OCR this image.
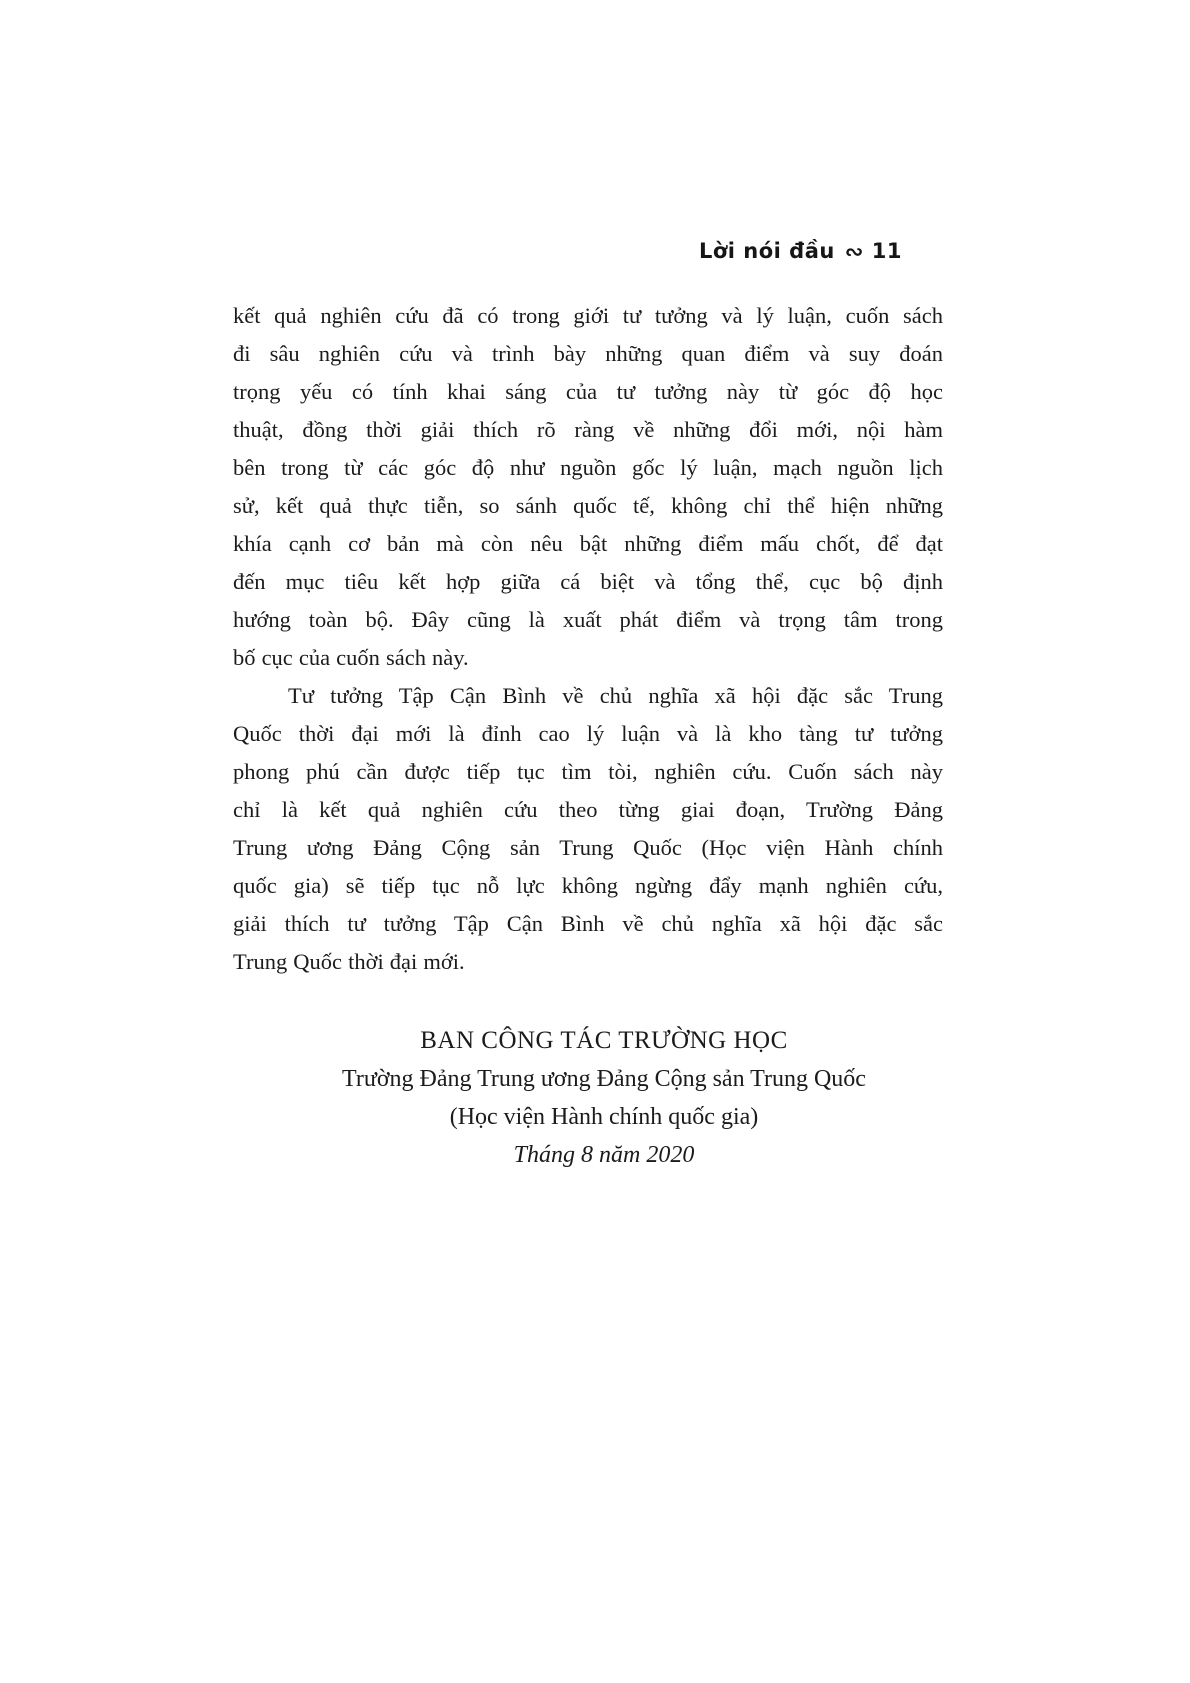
Lời nói đầu ∾ 11
kết quả nghiên cứu đã có trong giới tư tưởng và lý luận, cuốn sách
đi sâu nghiên cứu và trình bày những quan điểm và suy đoán
trọng yếu có tính khai sáng của tư tưởng này từ góc độ học
thuật, đồng thời giải thích rõ ràng về những đổi mới, nội hàm
bên trong từ các góc độ như nguồn gốc lý luận, mạch nguồn lịch
sử, kết quả thực tiễn, so sánh quốc tế, không chỉ thể hiện những
khía cạnh cơ bản mà còn nêu bật những điểm mấu chốt, để đạt
đến mục tiêu kết hợp giữa cá biệt và tổng thể, cục bộ định
hướng toàn bộ. Đây cũng là xuất phát điểm và trọng tâm trong
bố cục của cuốn sách này.
Tư tưởng Tập Cận Bình về chủ nghĩa xã hội đặc sắc Trung
Quốc thời đại mới là đỉnh cao lý luận và là kho tàng tư tưởng
phong phú cần được tiếp tục tìm tòi, nghiên cứu. Cuốn sách này
chỉ là kết quả nghiên cứu theo từng giai đoạn, Trường Đảng
Trung ương Đảng Cộng sản Trung Quốc (Học viện Hành chính
quốc gia) sẽ tiếp tục nỗ lực không ngừng đẩy mạnh nghiên cứu,
giải thích tư tưởng Tập Cận Bình về chủ nghĩa xã hội đặc sắc
Trung Quốc thời đại mới.
BAN CÔNG TÁC TRƯỜNG HỌC
Trường Đảng Trung ương Đảng Cộng sản Trung Quốc
(Học viện Hành chính quốc gia)
Tháng 8 năm 2020
